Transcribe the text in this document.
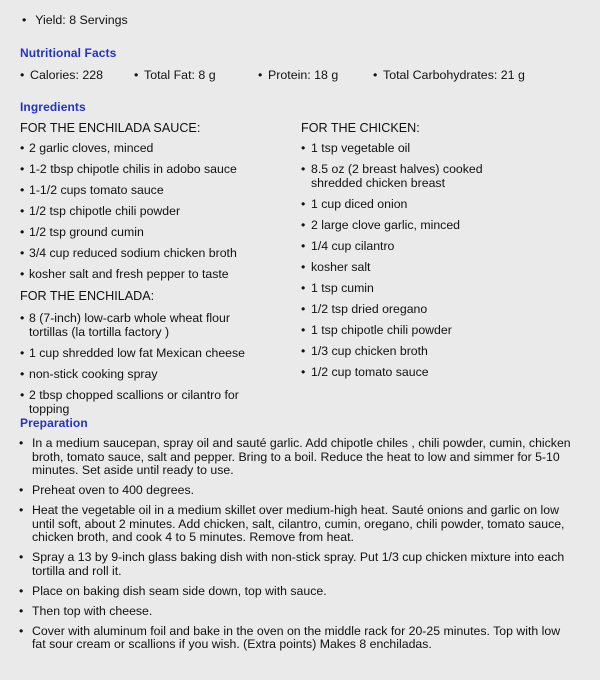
• Yield: 8 Servings
Nutritional Facts
• Calories: 228	• Total Fat: 8 g	• Protein: 18 g	• Total Carbohydrates: 21 g
Ingredients
FOR THE ENCHILADA SAUCE:
• 2 garlic cloves, minced
• 1-2 tbsp chipotle chilis in adobo sauce
• 1-1/2 cups tomato sauce
• 1/2 tsp chipotle chili powder
• 1/2 tsp ground cumin
• 3/4 cup reduced sodium chicken broth
• kosher salt and fresh pepper to taste
FOR THE ENCHILADA:
• 8 (7-inch) low-carb whole wheat flour tortillas (la tortilla factory )
• 1 cup shredded low fat Mexican cheese
• non-stick cooking spray
• 2 tbsp chopped scallions or cilantro for topping
FOR THE CHICKEN:
• 1 tsp vegetable oil
• 8.5 oz (2 breast halves) cooked shredded chicken breast
• 1 cup diced onion
• 2 large clove garlic, minced
• 1/4 cup cilantro
• kosher salt
• 1 tsp cumin
• 1/2 tsp dried oregano
• 1 tsp chipotle chili powder
• 1/3 cup chicken broth
• 1/2 cup tomato sauce
Preparation
• In a medium saucepan, spray oil and sauté garlic. Add chipotle chiles , chili powder, cumin, chicken broth, tomato sauce, salt and pepper. Bring to a boil. Reduce the heat to low and simmer for 5-10 minutes. Set aside until ready to use.
• Preheat oven to 400 degrees.
• Heat the vegetable oil in a medium skillet over medium-high heat. Sauté onions and garlic on low until soft, about 2 minutes. Add chicken, salt, cilantro, cumin, oregano, chili powder, tomato sauce, chicken broth, and cook 4 to 5 minutes. Remove from heat.
• Spray a 13 by 9-inch glass baking dish with non-stick spray. Put 1/3 cup chicken mixture into each tortilla and roll it.
• Place on baking dish seam side down, top with sauce.
• Then top with cheese.
• Cover with aluminum foil and bake in the oven on the middle rack for 20-25 minutes. Top with low fat sour cream or scallions if you wish. (Extra points) Makes 8 enchiladas.
